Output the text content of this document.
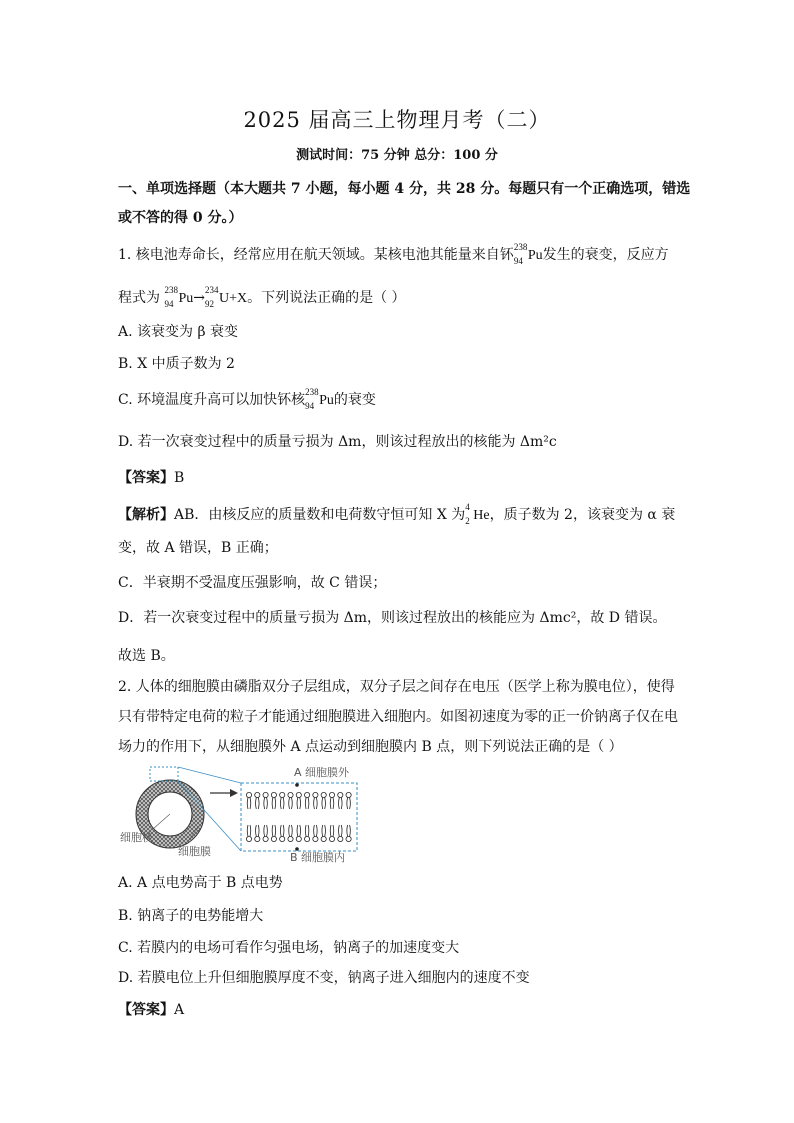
2025 届高三上物理月考（二）
测试时间：75 分钟 总分：100 分
一、单项选择题（本大题共 7 小题，每小题 4 分，共 28 分。每题只有一个正确选项，错选
或不答的得 0 分。）
1. 核电池寿命长，经常应用在航天领域。某核电池其能量来自钚 238
94 Pu发生的衰变，反应方
程式为 238
94 Pu→ 234
92 U+X。下列说法正确的是（ ）
A. 该衰变为 β 衰变
B. X 中质子数为 2
C. 环境温度升高可以加快钚核 238
94 Pu的衰变
D. 若一次衰变过程中的质量亏损为 Δm，则该过程放出的核能为 Δm²c
【答案】B
【解析】AB．由核反应的质量数和电荷数守恒可知 X 为 4
2 He，质子数为 2，该衰变为 α 衰
变，故 A 错误，B 正确；
C．半衰期不受温度压强影响，故 C 错误；
D．若一次衰变过程中的质量亏损为 Δm，则该过程放出的核能应为 Δmc²，故 D 错误。
故选 B。
2. 人体的细胞膜由磷脂双分子层组成，双分子层之间存在电压（医学上称为膜电位），使得
只有带特定电荷的粒子才能通过细胞膜进入细胞内。如图初速度为零的正一价钠离子仅在电
场力的作用下，从细胞膜外 A 点运动到细胞膜内 B 点，则下列说法正确的是（ ）
细胞核
细胞膜
A 细胞膜外
B 细胞膜内
A. A 点电势高于 B 点电势
B. 钠离子的电势能增大
C. 若膜内的电场可看作匀强电场，钠离子的加速度变大
D. 若膜电位上升但细胞膜厚度不变，钠离子进入细胞内的速度不变
【答案】A
